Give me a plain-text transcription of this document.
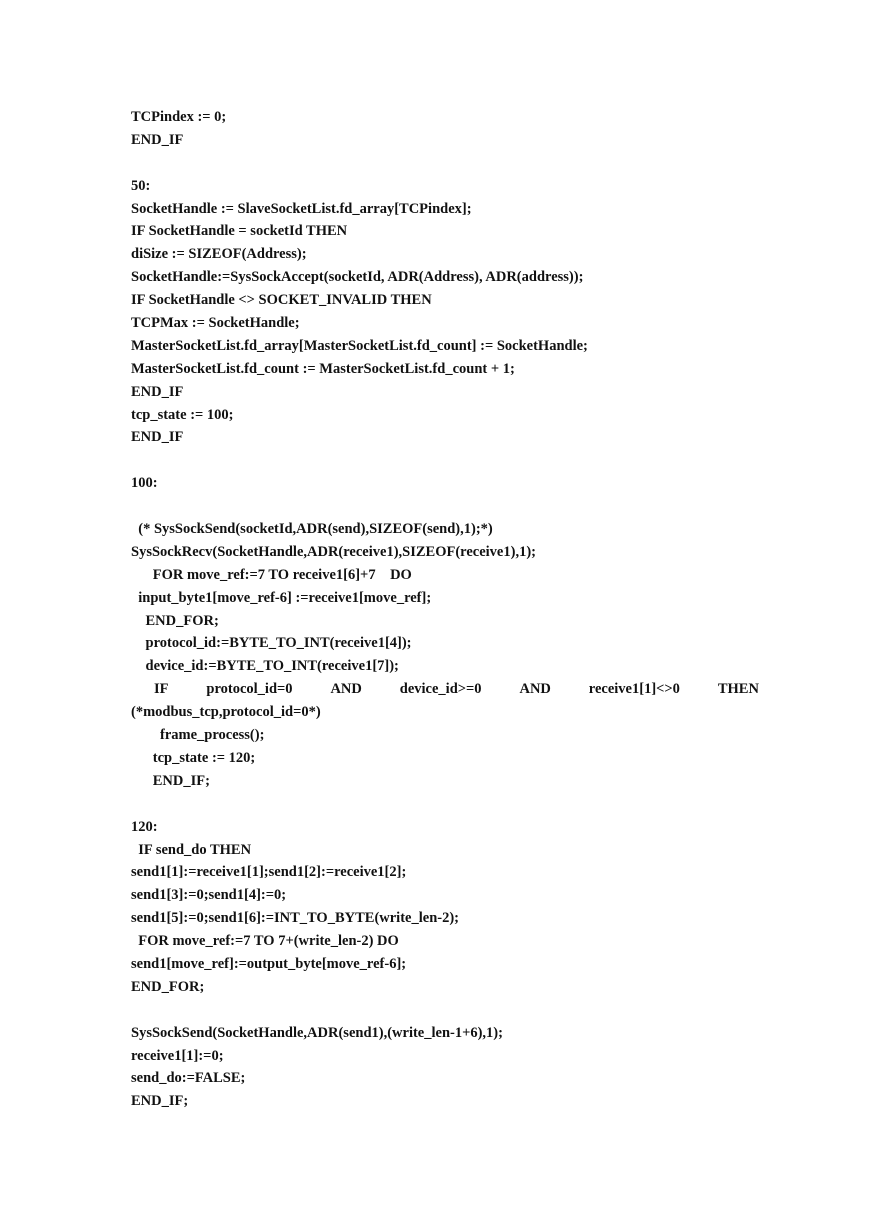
TCPindex := 0;
END_IF
50:
SocketHandle := SlaveSocketList.fd_array[TCPindex];
IF SocketHandle = socketId THEN
diSize := SIZEOF(Address);
SocketHandle:=SysSockAccept(socketId, ADR(Address), ADR(address));
IF SocketHandle <> SOCKET_INVALID THEN
TCPMax := SocketHandle;
MasterSocketList.fd_array[MasterSocketList.fd_count] := SocketHandle;
MasterSocketList.fd_count := MasterSocketList.fd_count + 1;
END_IF
tcp_state := 100;
END_IF
100:
(* SysSockSend(socketId,ADR(send),SIZEOF(send),1);*)
SysSockRecv(SocketHandle,ADR(receive1),SIZEOF(receive1),1);
FOR move_ref:=7 TO receive1[6]+7    DO
input_byte1[move_ref-6] :=receive1[move_ref];
END_FOR;
protocol_id:=BYTE_TO_INT(receive1[4]);
device_id:=BYTE_TO_INT(receive1[7]);
IF	protocol_id=0	AND	device_id>=0	AND	receive1[1]<>0	THEN
(*modbus_tcp,protocol_id=0*)
frame_process();
tcp_state := 120;
END_IF;
120:
IF send_do THEN
send1[1]:=receive1[1];send1[2]:=receive1[2];
send1[3]:=0;send1[4]:=0;
send1[5]:=0;send1[6]:=INT_TO_BYTE(write_len-2);
FOR move_ref:=7 TO 7+(write_len-2) DO
send1[move_ref]:=output_byte[move_ref-6];
END_FOR;
SysSockSend(SocketHandle,ADR(send1),(write_len-1+6),1);
receive1[1]:=0;
send_do:=FALSE;
END_IF;
